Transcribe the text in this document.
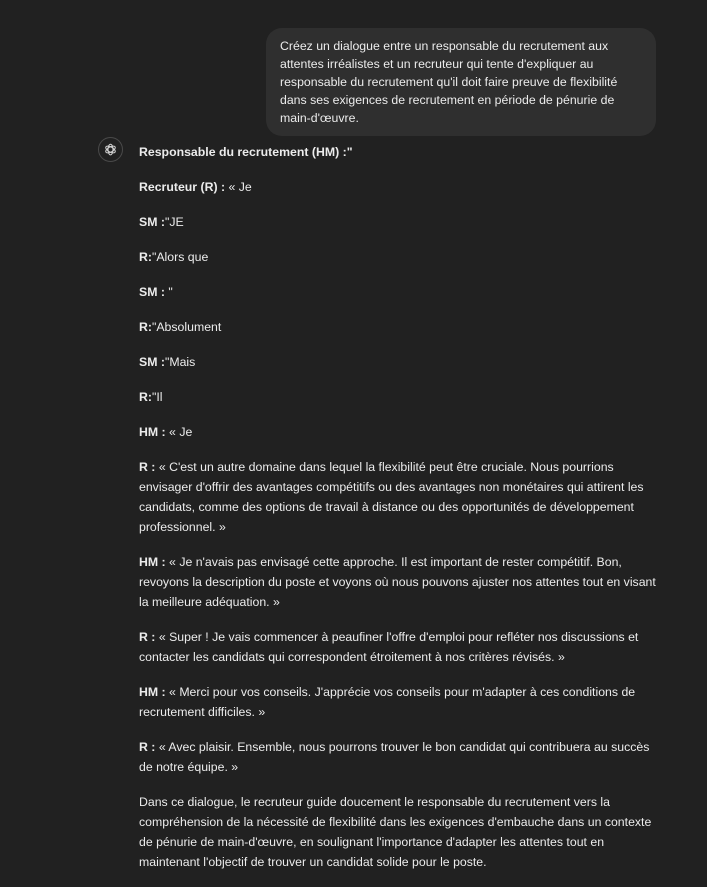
Créez un dialogue entre un responsable du recrutement aux attentes irréalistes et un recruteur qui tente d'expliquer au responsable du recrutement qu'il doit faire preuve de flexibilité dans ses exigences de recrutement en période de pénurie de main-d'œuvre.

Responsable du recrutement (HM) :"

Recruteur (R) : « Je

SM :"JE

R:"Alors que

SM : "

R:"Absolument

SM :"Mais

R:"Il

HM : « Je

R : « C'est un autre domaine dans lequel la flexibilité peut être cruciale. Nous pourrions envisager d'offrir des avantages compétitifs ou des avantages non monétaires qui attirent les candidats, comme des options de travail à distance ou des opportunités de développement professionnel. »

HM : « Je n'avais pas envisagé cette approche. Il est important de rester compétitif. Bon, revoyons la description du poste et voyons où nous pouvons ajuster nos attentes tout en visant la meilleure adéquation. »

R : « Super ! Je vais commencer à peaufiner l'offre d'emploi pour refléter nos discussions et contacter les candidats qui correspondent étroitement à nos critères révisés. »

HM : « Merci pour vos conseils. J'apprécie vos conseils pour m'adapter à ces conditions de recrutement difficiles. »

R : « Avec plaisir. Ensemble, nous pourrons trouver le bon candidat qui contribuera au succès de notre équipe. »

Dans ce dialogue, le recruteur guide doucement le responsable du recrutement vers la compréhension de la nécessité de flexibilité dans les exigences d'embauche dans un contexte de pénurie de main-d'œuvre, en soulignant l'importance d'adapter les attentes tout en maintenant l'objectif de trouver un candidat solide pour le poste.
